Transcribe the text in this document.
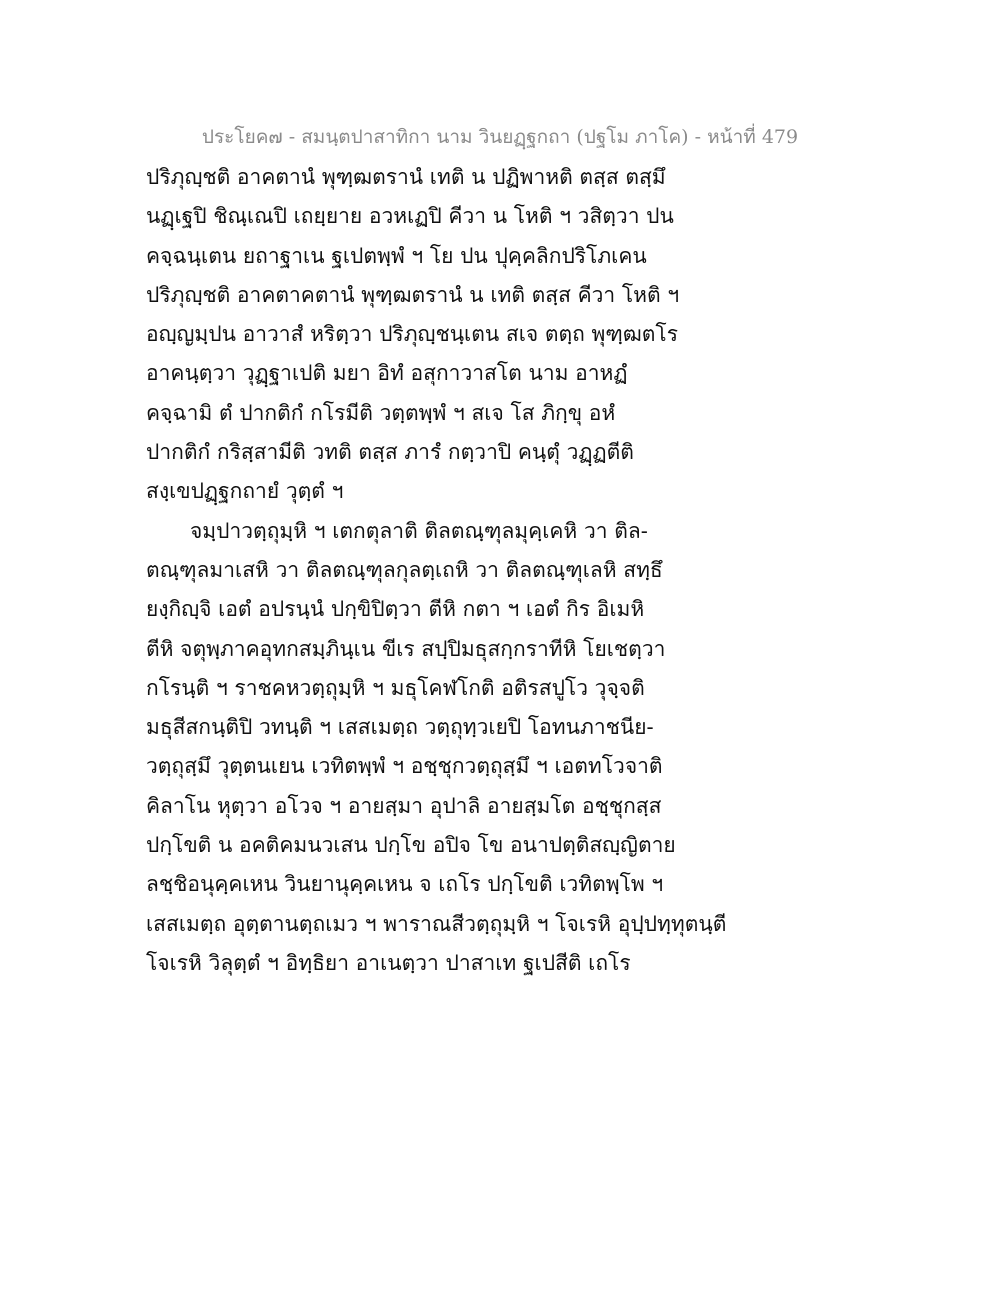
ประโยค๗ - สมนฺตปาสาทิกา นาม วินยฏฺฐกถา (ปฐโม ภาโค) - หน้าที่ 479
ปริภุญฺชติ อาคตานํ พุฑฺฒตรานํ เทติ น ปฏิพาหติ ตสฺส ตสฺมึ
นฏฺเฐปิ ชิณฺเณปิ เถยฺยาย อวหเฏปิ คีวา น โหติ ฯ วสิตฺวา ปน
คจฺฉนฺเตน ยถาฐาเน ฐเปตพฺพํ ฯ โย ปน ปุคฺคลิกปริโภเคน
ปริภุญฺชติ อาคตาคตานํ พุฑฺฒตรานํ น เทติ ตสฺส คีวา โหติ ฯ
อญฺญมฺปน อาวาสํ หริตฺวา ปริภุญฺชนฺเตน สเจ ตตฺถ พุฑฺฒตโร
อาคนฺตฺวา วุฏฺฐาเปติ มยา อิทํ อสุกาวาสโต นาม อาหฏํ
คจฺฉามิ ตํ ปากติกํ กโรมีติ วตฺตพฺพํ ฯ สเจ โส ภิกฺขุ อหํ
ปากติกํ กริสฺสามีติ วทติ ตสฺส ภารํ กตฺวาปิ คนฺตุํ วฏฺฏตีติ
สงฺเขปฏฺฐกถายํ วุตฺตํ ฯ
จมฺปาวตฺถุมฺหิ ฯ เตกตุลาติ ติลตณฺฑุลมุคฺเคหิ วา ติล-
ตณฺฑุลมาเสหิ วา ติลตณฺฑุลกุลตฺเถหิ วา ติลตณฺฑุเลหิ สทฺธึ
ยงฺกิญฺจิ เอตํ อปรนฺนํ ปกฺขิปิตฺวา ตีหิ กตา ฯ เอตํ กิร อิเมหิ
ตีหิ จตุพฺภาคอุทกสมฺภินฺเน ขีเร สปฺปิมธุสกฺกราทีหิ โยเชตฺวา
กโรนฺติ ฯ ราชคหวตฺถุมฺหิ ฯ มธุโคฬโกติ อติรสปูโว วุจฺจติ
มธุสีสกนฺติปิ วทนฺติ ฯ เสสเมตฺถ วตฺถุทฺวเยปิ โอทนภาชนีย-
วตฺถุสฺมึ วุตฺตนเยน เวทิตพฺพํ ฯ อชฺชุกวตฺถุสฺมึ ฯ เอตทโวจาติ
คิลาโน หุตฺวา อโวจ ฯ อายสฺมา อุปาลิ อายสฺมโต อชฺชุกสฺส
ปกฺโขติ น อคติคมนวเสน ปกฺโข อปิจ โข อนาปตฺติสญฺญิตาย
ลชฺชิอนุคฺคเหน วินยานุคฺคเหน จ เถโร ปกฺโขติ เวทิตพฺโพ ฯ
เสสเมตฺถ อุตฺตานตฺถเมว ฯ พาราณสีวตฺถุมฺหิ ฯ โจเรหิ อุปฺปทฺทุตนฺตี
โจเรหิ วิลุตฺตํ ฯ อิทฺธิยา อาเนตฺวา ปาสาเท ฐเปสีติ เถโร
